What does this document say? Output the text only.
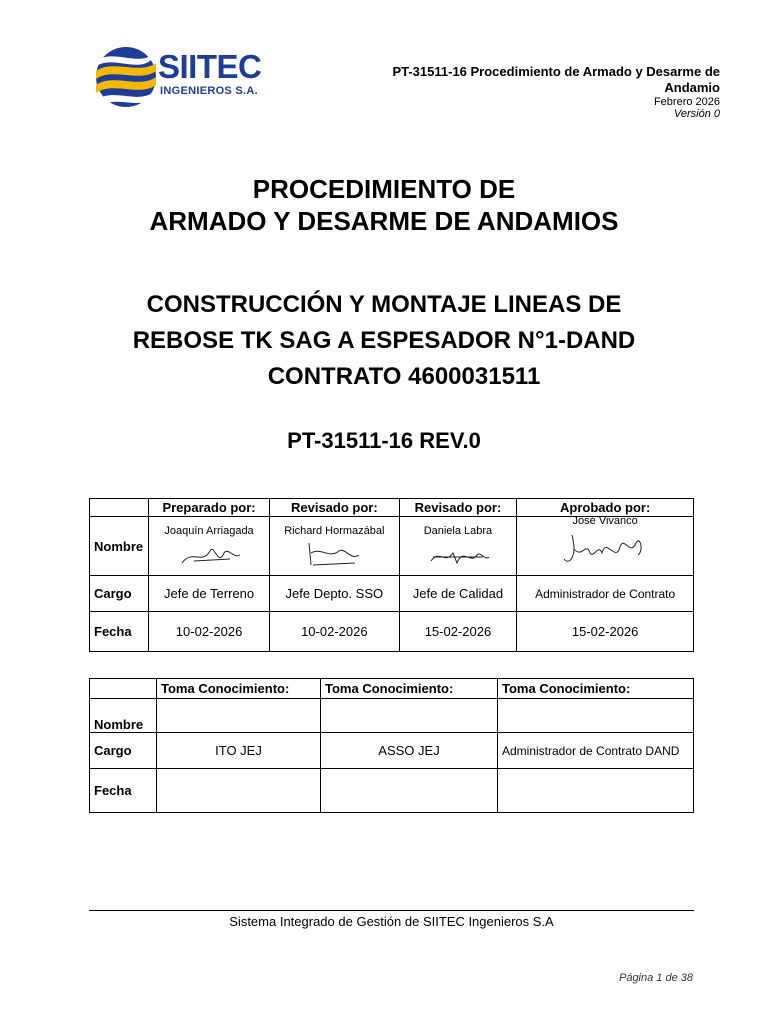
SIITEC
INGENIEROS S.A.
PT-31511-16 Procedimiento de Armado y Desarme de Andamio
Febrero 2026
Versión 0
PROCEDIMIENTO DE
ARMADO Y DESARME DE ANDAMIOS
CONSTRUCCIÓN Y MONTAJE LINEAS DE
REBOSE TK SAG A ESPESADOR N°1-DAND
CONTRATO 4600031511
PT-31511-16 REV.0
	Preparado por:	Revisado por:	Revisado por:	Aprobado por:
Nombre	Joaquín Arriagada	Richard Hormazábal	Daniela Labra	José Vivanco

Cargo	Jefe de Terreno	Jefe Depto. SSO	Jefe de Calidad	Administrador de Contrato
Fecha	10-02-2026	10-02-2026	15-02-2026	15-02-2026
	Toma Conocimiento:	Toma Conocimiento:	Toma Conocimiento:
Nombre			
Cargo	ITO JEJ	ASSO JEJ	Administrador de Contrato DAND
Fecha			
Sistema Integrado de Gestión de SIITEC Ingenieros S.A
Página 1 de 38
